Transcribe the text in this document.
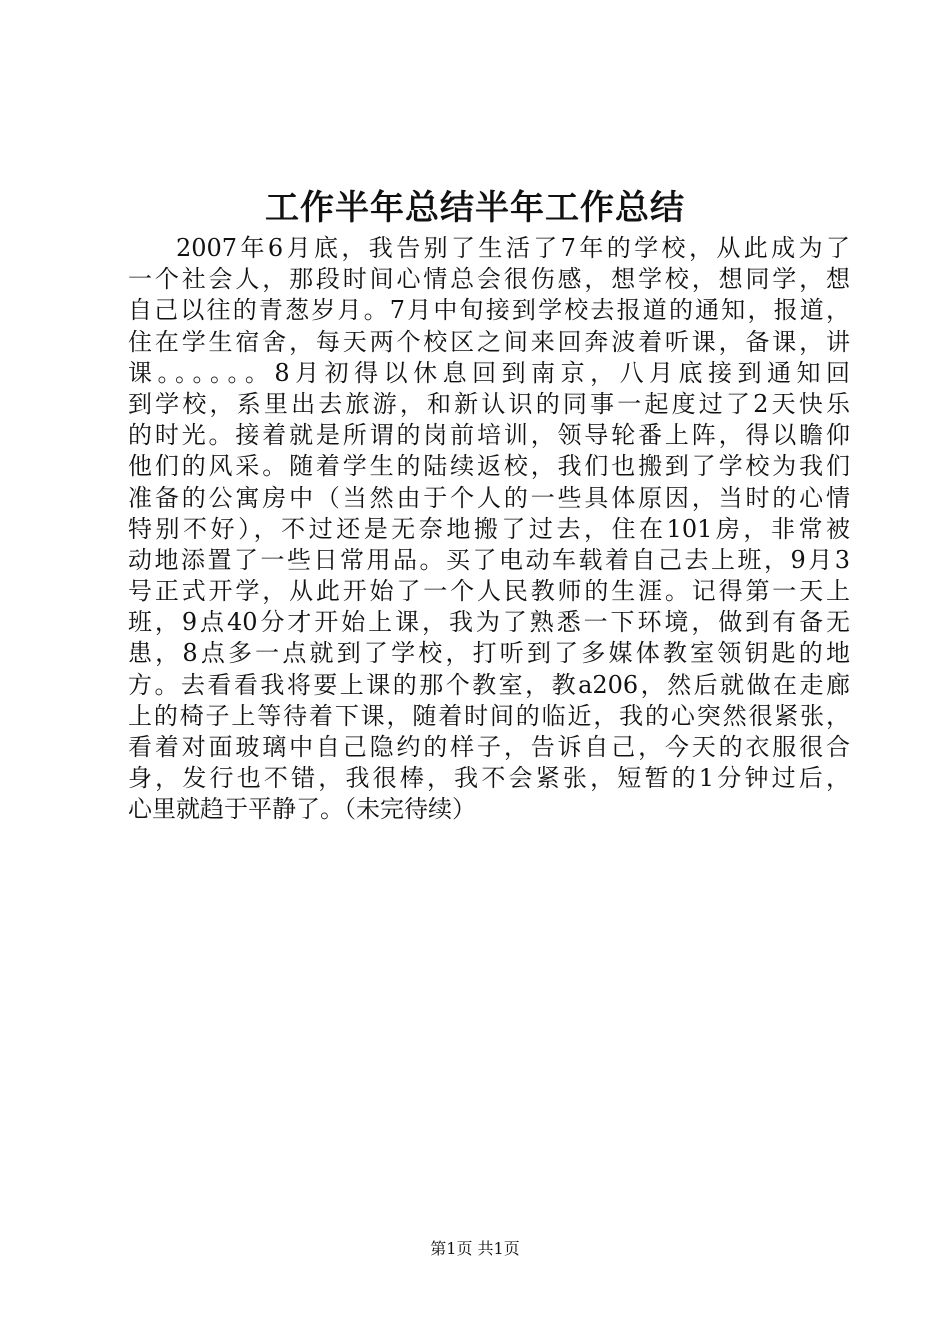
工作半年总结半年工作总结
2007年6月底，我告别了生活了7年的学校，从此成为了
一个社会人，那段时间心情总会很伤感，想学校，想同学，想
自己以往的青葱岁月。7月中旬接到学校去报道的通知，报道，
住在学生宿舍，每天两个校区之间来回奔波着听课，备课，讲
课。。。。。。8月初得以休息回到南京，八月底接到通知回
到学校，系里出去旅游，和新认识的同事一起度过了2天快乐
的时光。接着就是所谓的岗前培训，领导轮番上阵，得以瞻仰
他们的风采。随着学生的陆续返校，我们也搬到了学校为我们
准备的公寓房中（当然由于个人的一些具体原因，当时的心情
特别不好），不过还是无奈地搬了过去，住在101房，非常被
动地添置了一些日常用品。买了电动车载着自己去上班，9月3
号正式开学，从此开始了一个人民教师的生涯。记得第一天上
班，9点40分才开始上课，我为了熟悉一下环境，做到有备无
患，8点多一点就到了学校，打听到了多媒体教室领钥匙的地
方。去看看我将要上课的那个教室，教a206，然后就做在走廊
上的椅子上等待着下课，随着时间的临近，我的心突然很紧张，
看着对面玻璃中自己隐约的样子，告诉自己，今天的衣服很合
身，发行也不错，我很棒，我不会紧张，短暂的1分钟过后，
心里就趋于平静了。（未完待续）
第1页 共1页
